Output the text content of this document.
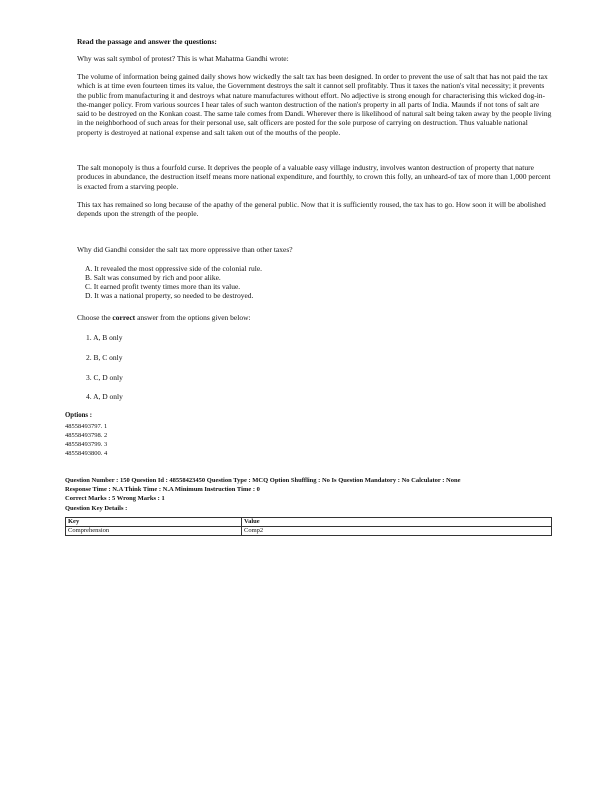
Read the passage and answer the questions:
Why was salt symbol of protest? This is what Mahatma Gandhi wrote:
The volume of information being gained daily shows how wickedly the salt tax has been designed. In order to prevent the use of salt that has not paid the tax which is at time even fourteen times its value, the Government destroys the salt it cannot sell profitably. Thus it taxes the nation's vital necessity; it prevents the public from manufacturing it and destroys what nature manufactures without effort. No adjective is strong enough for characterising this wicked dog-in-the-manger policy. From various sources I hear tales of such wanton destruction of the nation's property in all parts of India. Maunds if not tons of salt are said to be destroyed on the Konkan coast. The same tale comes from Dandi. Wherever there is likelihood of natural salt being taken away by the people living in the neighborhood of such areas for their personal use, salt officers are posted for the sole purpose of carrying on destruction. Thus valuable national property is destroyed at national expense and salt taken out of the mouths of the people.
The salt monopoly is thus a fourfold curse. It deprives the people of a valuable easy village industry, involves wanton destruction of property that nature produces in abundance, the destruction itself means more national expenditure, and fourthly, to crown this folly, an unheard-of tax of more than 1,000 percent is exacted from a starving people.
This tax has remained so long because of the apathy of the general public. Now that it is sufficiently roused, the tax has to go. How soon it will be abolished depends upon the strength of the people.
Why did Gandhi consider the salt tax more oppressive than other taxes?
A. It revealed the most oppressive side of the colonial rule.
B. Salt was consumed by rich and poor alike.
C. It earned profit twenty times more than its value.
D. It was a national property, so needed to be destroyed.
Choose the correct answer from the options given below:
1. A, B only
2. B, C only
3. C, D only
4. A, D only
Options :
48558493797. 1
48558493798. 2
48558493799. 3
48558493800. 4
Question Number : 150 Question Id : 48558423450 Question Type : MCQ Option Shuffling : No Is Question Mandatory : No Calculator : None
Response Time : N.A Think Time : N.A Minimum Instruction Time : 0
Correct Marks : 5 Wrong Marks : 1
Question Key Details :
Key	Value
Comprehension	Comp2
